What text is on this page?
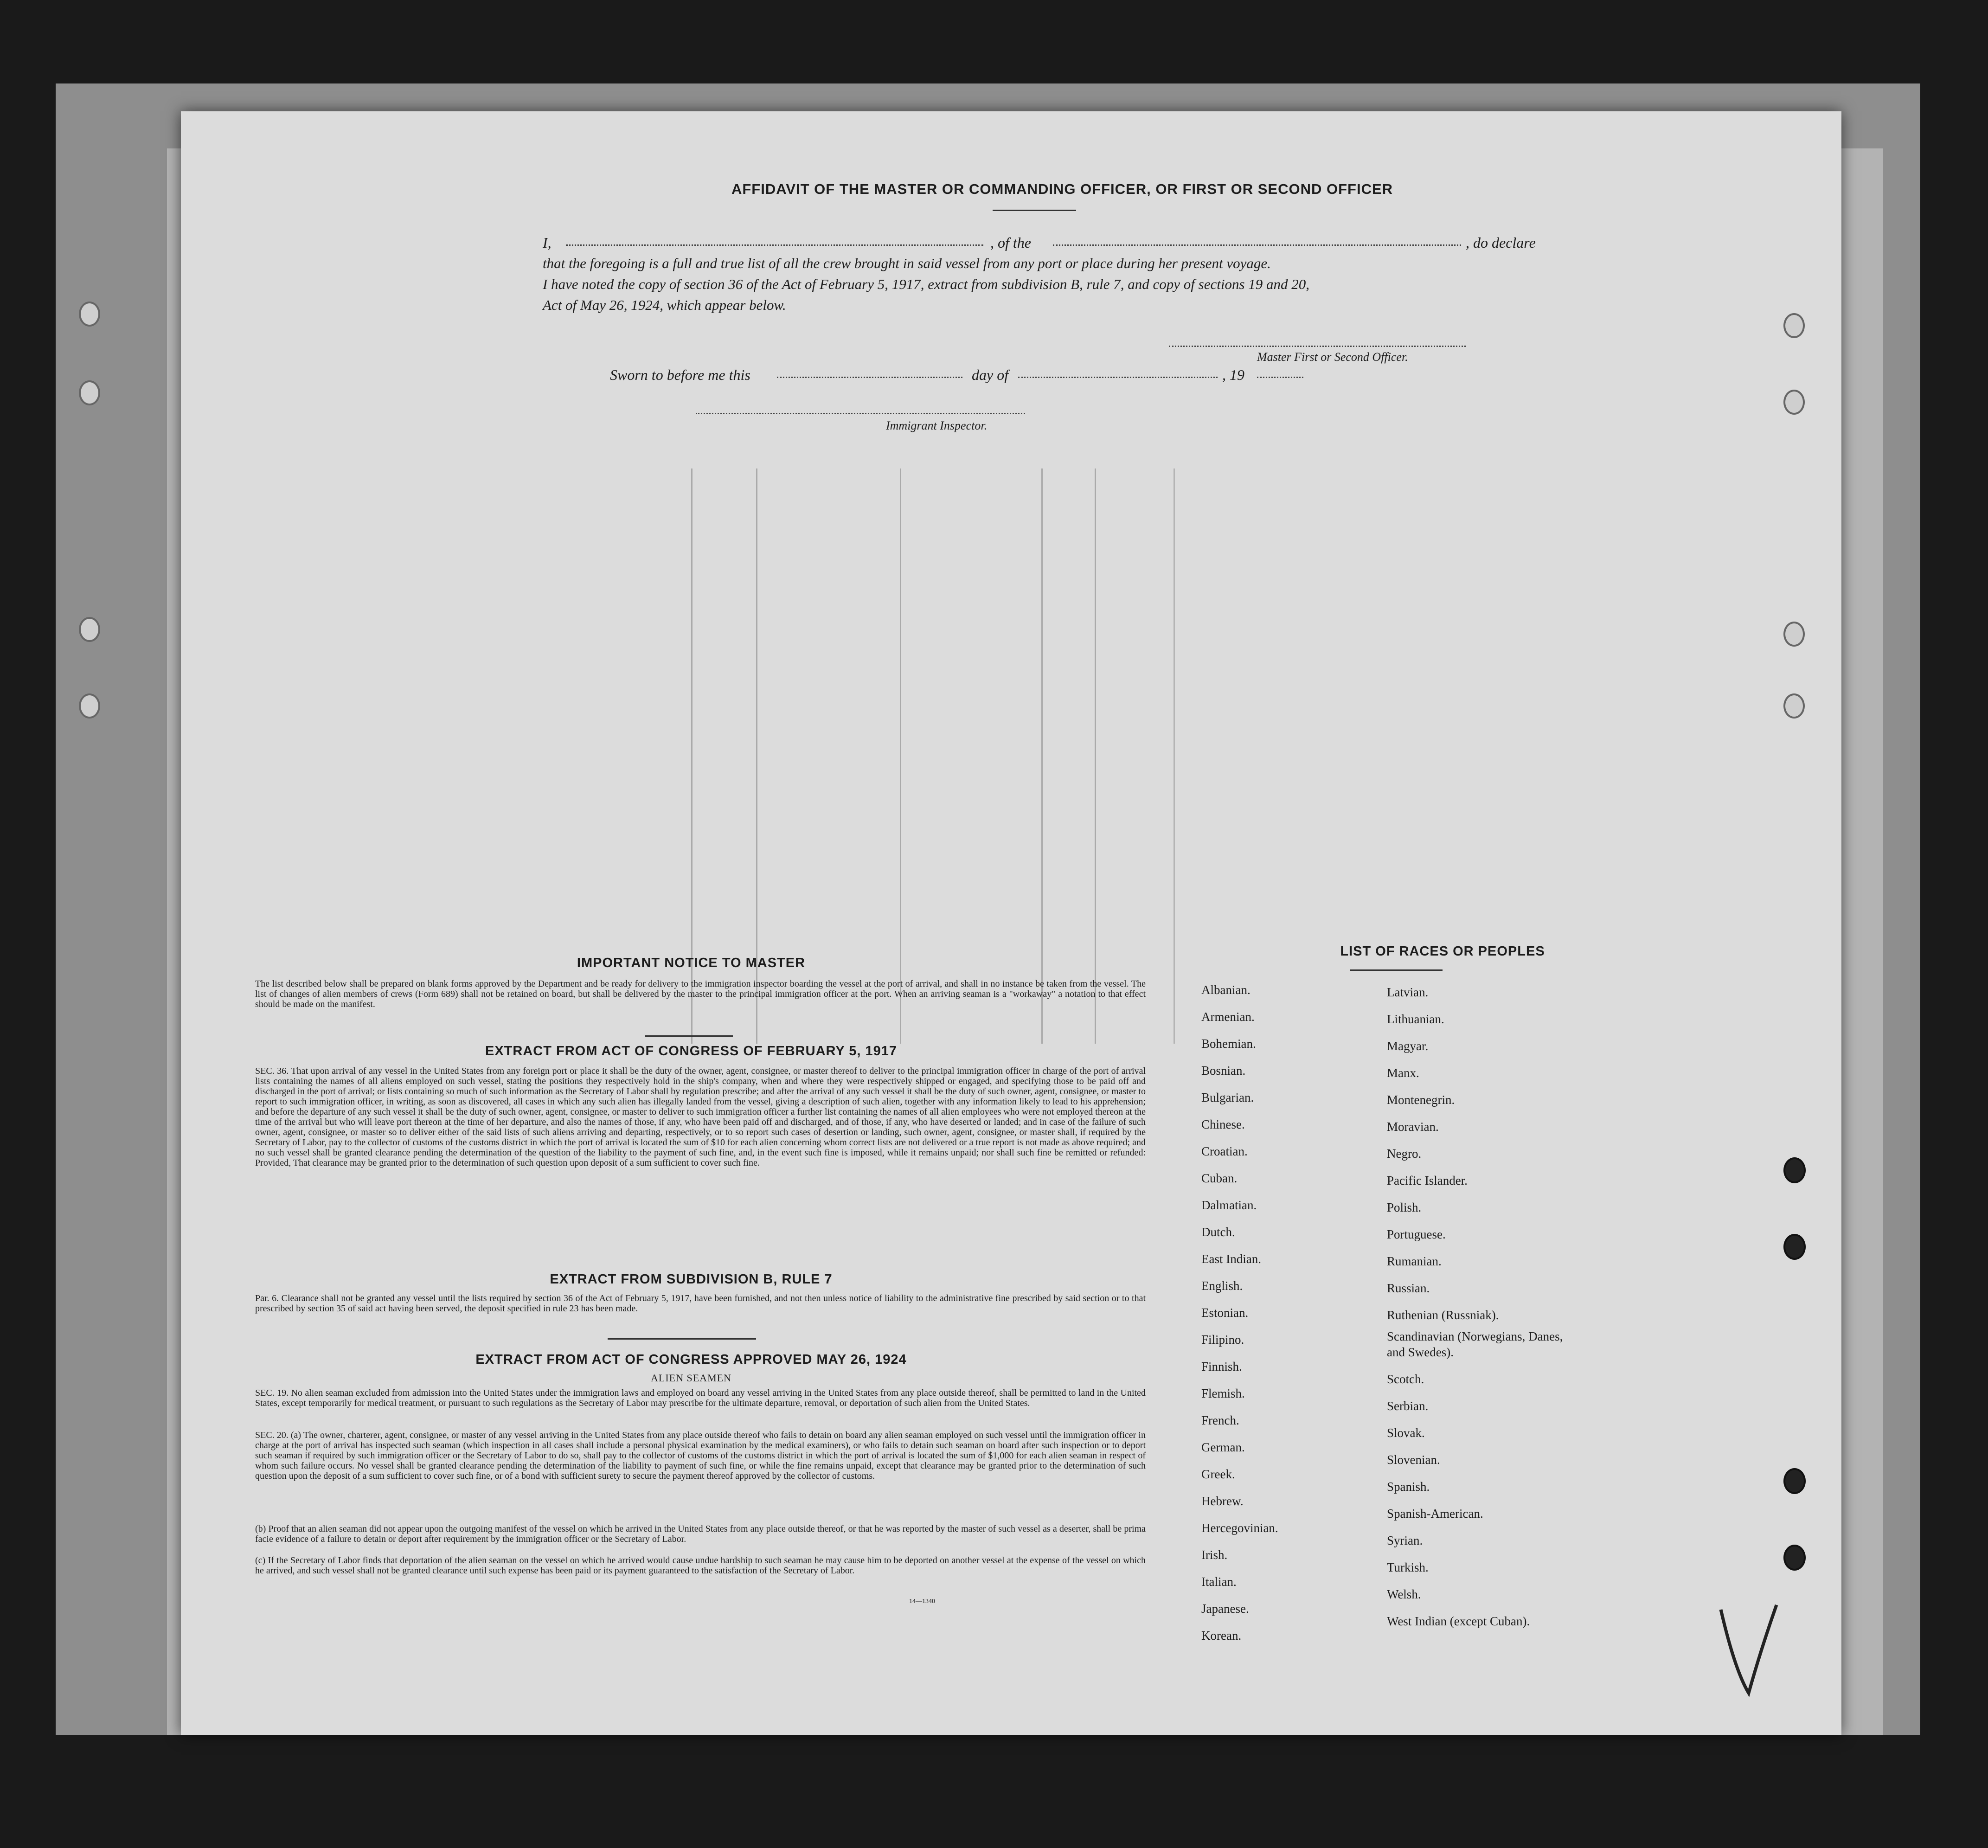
AFFIDAVIT OF THE MASTER OR COMMANDING OFFICER, OR FIRST OR SECOND OFFICER
I,	, of the	, do declare
that the foregoing is a full and true list of all the crew brought in said vessel from any port or place during her present voyage.
I have noted the copy of section 36 of the Act of February 5, 1917, extract from subdivision B, rule 7, and copy of sections 19 and 20,
Act of May 26, 1924, which appear below.
Master First or Second Officer.
Sworn to before me this	day of	, 19
Immigrant Inspector.
IMPORTANT NOTICE TO MASTER
The list described below shall be prepared on blank forms approved by the Department and be ready for delivery to the immigration inspector boarding the vessel at the port of arrival, and shall in no instance be taken from the vessel. The list of changes of alien members of crews (Form 689) shall not be retained on board, but shall be delivered by the master to the principal immigration officer at the port. When an arriving seaman is a "workaway" a notation to that effect should be made on the manifest.
EXTRACT FROM ACT OF CONGRESS OF FEBRUARY 5, 1917
SEC. 36. That upon arrival of any vessel in the United States from any foreign port or place it shall be the duty of the owner, agent, consignee, or master thereof to deliver to the principal immigration officer in charge of the port of arrival lists containing the names of all aliens employed on such vessel, stating the positions they respectively hold in the ship's company, when and where they were respectively shipped or engaged, and specifying those to be paid off and discharged in the port of arrival; or lists containing so much of such information as the Secretary of Labor shall by regulation prescribe; and after the arrival of any such vessel it shall be the duty of such owner, agent, consignee, or master to report to such immigration officer, in writing, as soon as discovered, all cases in which any such alien has illegally landed from the vessel, giving a description of such alien, together with any information likely to lead to his apprehension; and before the departure of any such vessel it shall be the duty of such owner, agent, consignee, or master to deliver to such immigration officer a further list containing the names of all alien employees who were not employed thereon at the time of the arrival but who will leave port thereon at the time of her departure, and also the names of those, if any, who have been paid off and discharged, and of those, if any, who have deserted or landed; and in case of the failure of such owner, agent, consignee, or master so to deliver either of the said lists of such aliens arriving and departing, respectively, or to so report such cases of desertion or landing, such owner, agent, consignee, or master shall, if required by the Secretary of Labor, pay to the collector of customs of the customs district in which the port of arrival is located the sum of $10 for each alien concerning whom correct lists are not delivered or a true report is not made as above required; and no such vessel shall be granted clearance pending the determination of the question of the liability to the payment of such fine, and, in the event such fine is imposed, while it remains unpaid; nor shall such fine be remitted or refunded: Provided, That clearance may be granted prior to the determination of such question upon deposit of a sum sufficient to cover such fine.
EXTRACT FROM SUBDIVISION B, RULE 7
Par. 6. Clearance shall not be granted any vessel until the lists required by section 36 of the Act of February 5, 1917, have been furnished, and not then unless notice of liability to the administrative fine prescribed by said section or to that prescribed by section 35 of said act having been served, the deposit specified in rule 23 has been made.
EXTRACT FROM ACT OF CONGRESS APPROVED MAY 26, 1924
ALIEN SEAMEN
SEC. 19. No alien seaman excluded from admission into the United States under the immigration laws and employed on board any vessel arriving in the United States from any place outside thereof, shall be permitted to land in the United States, except temporarily for medical treatment, or pursuant to such regulations as the Secretary of Labor may prescribe for the ultimate departure, removal, or deportation of such alien from the United States.
SEC. 20. (a) The owner, charterer, agent, consignee, or master of any vessel arriving in the United States from any place outside thereof who fails to detain on board any alien seaman employed on such vessel until the immigration officer in charge at the port of arrival has inspected such seaman (which inspection in all cases shall include a personal physical examination by the medical examiners), or who fails to detain such seaman on board after such inspection or to deport such seaman if required by such immigration officer or the Secretary of Labor to do so, shall pay to the collector of customs of the customs district in which the port of arrival is located the sum of $1,000 for each alien seaman in respect of whom such failure occurs. No vessel shall be granted clearance pending the determination of the liability to payment of such fine, or while the fine remains unpaid, except that clearance may be granted prior to the determination of such question upon the deposit of a sum sufficient to cover such fine, or of a bond with sufficient surety to secure the payment thereof approved by the collector of customs.
(b) Proof that an alien seaman did not appear upon the outgoing manifest of the vessel on which he arrived in the United States from any place outside thereof, or that he was reported by the master of such vessel as a deserter, shall be prima facie evidence of a failure to detain or deport after requirement by the immigration officer or the Secretary of Labor.
(c) If the Secretary of Labor finds that deportation of the alien seaman on the vessel on which he arrived would cause undue hardship to such seaman he may cause him to be deported on another vessel at the expense of the vessel on which he arrived, and such vessel shall not be granted clearance until such expense has been paid or its payment guaranteed to the satisfaction of the Secretary of Labor.
14—1340
LIST OF RACES OR PEOPLES
Albanian.
Armenian.
Bohemian.
Bosnian.
Bulgarian.
Chinese.
Croatian.
Cuban.
Dalmatian.
Dutch.
East Indian.
English.
Estonian.
Filipino.
Finnish.
Flemish.
French.
German.
Greek.
Hebrew.
Hercegovinian.
Irish.
Italian.
Japanese.
Korean.
Latvian.
Lithuanian.
Magyar.
Manx.
Montenegrin.
Moravian.
Negro.
Pacific Islander.
Polish.
Portuguese.
Rumanian.
Russian.
Ruthenian (Russniak).
Scandinavian (Norwegians, Danes, and Swedes).
Scotch.
Serbian.
Slovak.
Slovenian.
Spanish.
Spanish-American.
Syrian.
Turkish.
Welsh.
West Indian (except Cuban).
